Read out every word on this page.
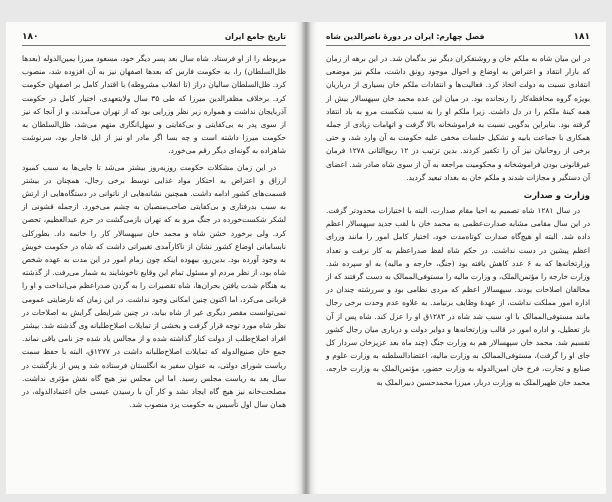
تاریخ جامع ایران
۱۸۰

مربوطه را از او فرستاد. شاه سال بعد پسر دیگر خود، مسعود میرزا یمین‌الدوله (بعدها ظل‌السلطان) را، به حکومت فارس که بعدها اصفهان نیز به آن افزوده شد، منصوب کرد. ظل‌السلطان سالیان دراز (تا انقلاب مشروطه) با اقتدار کامل بر اصفهان حکومت کرد. برخلاف مظفرالدین میرزا که طی ۳۵ سال ولایتعهدی، اختیار کامل در حکومت آذربایجان نداشت و همواره زیر نظر وزرایی بود که از تهران می‌آمدند، و از آنجا که نیز از سوی پدر به بی‌کفایتی و بی‌کفایتی و سهل‌انگاری متهم می‌شد، ظل‌السلطان به حکومت میرزا داشته است و چه بسا اگر مادر او نیز از ایل قاجار بود، سرنوشت شاهزاده به گونه‌ای دیگر رقم می‌خورد.

در این زمان مشکلات حکومت روزبه‌روز بیشتر می‌شد تا جایی‌ها به سبب کمبود ارزاق و اعتراض به احتکار مواد غذایی توسط برخی رجال، همچنان در بیشتر قسمت‌های کشور ادامه داشت. همچنین نشانه‌هایی از ناتوانی در دستگاه‌هایی از ارتش به سبب بدرفتاری و بی‌کفایتی صاحب‌منصبان به چشم می‌خورد. ازجمله قشونی از لشکر شکست‌خورده در جنگ مرو به که تهران بازمی‌گشت در حرم عبدالعظیم، تحصن کرد. ولی برخورد خشن شاه و محمد خان سپهسالار کار را خاتمه داد. بطورکلی نابسامانی اوضاع کشور نشان از ناکارآمدی تغییراتی داشت که شاه در حکومت خویش به وجود آورده بود. بدین‌رو، بیهوده اینکه چون زمام امور در این مدت به عهده شخص شاه بود، از نظر مردم او مسئول تمام این وقایع ناخوشایند به شمار می‌رفت. از گذشته به هنگام شدت یافتن بحران‌ها، شاه تقصیرات را به گردن صدراعظم می‌انداخت و او را قربانی می‌کرد، اما اکنون چنین امکانی وجود نداشت. در این زمان که نارضایتی عمومی نمی‌توانست مقصر دیگری غیر از شاه بیابد، در چنین شرایطی گرایش به اصلاحات در نظر شاه مورد توجه قرار گرفت و بخشی از تمایلات اصلاح‌طلبانه وی گذشته شد. بیشتر افراد اصلاح‌طلب از دولت کنار گذاشته شده و از مجالس یاد شده جز نامی باقی نماند. جمع خان صنیع‌الدوله که تمایلات اصلاح‌طلبانه داشت در ۱۲۷۷ق، البته با حفظ سمت ریاست شورای دولتی، به عنوان سفیر به انگلستان فرستاده شد و پس از بازگشت در سال بعد به ریاست مجلس رسید. اما این مجلس نیز هیچ گاه نقش مؤثری نداشت. مصلحت‌خانه نیز هیچ گاه ایجاد نشد و کار آن با رسیدن عیسی خان اعتمادالدوله، در همان سال اول تأسیس به حکومت یزد منصوب شد.

۱۸۱
فصل چهارم: ایران در دورهٔ ناصرالدین شاه

در این میان شاه به ملکم خان و روشنفکران دیگر نیز بدگمان شد. در این برهه از زمان که بازار انتقاد و اعتراض به اوضاع و احوال موجود رونق داشت، ملکم نیز موضعی انتقادی نسبت به دولت اتخاذ کرد. فعالیت‌ها و انتقادات ملکم خان بسیاری از درباریان بویژه گروه محافظه‌کار را رنجانده بود. در میان این عده محمد خان سپهسالار بیش از همه کینهٔ ملکم را در دل داشت. زیرا ملکم او را به سبب شکست مرو به باد انتقاد گرفته بود. بنابراین بدگویی نسبت به فراموشخانه بالا گرفت و اتهامات زیادی از جمله همکاری با جماعت بابیه و تشکیل جلسات مخفی علیه حکومت به آن وارد شد، و حتی برخی از روحانیان نیز آن را تکفیر کردند. بدین ترتیب در ۱۲ ربیع‌الثانی ۱۲۷۸ فرمان غیرقانونی بودن فراموشخانه و محکومیت مراجعه به آن از سوی شاه صادر شد. اعضای آن دستگیر و مجازات شدند و ملکم خان به بغداد تبعید گردید.

وزارت و صدارت

در سال ۱۲۸۱ شاه تصمیم به احیا مقام صدارت، البته با اختیارات محدودتر گرفت. در این سال مقامی مشابه صدارت‌عظمی به محمد خان با لقب جدید سپهسالار اعظم داده شد. البته او هیچ‌گاه صدارت کوتاه‌مدت خود، اختیار کامل امور را مانند وزرای اعظم پیشین در دست نداشت. در حکم شاه لفظ صدراعظم به کار نرفت و تعداد وزارتخانه‌ها که به ۶ عدد کاهش یافته بود (جنگ، خارجه و مالیه) به او سپرده شد. وزارت خارجه را مؤتمن‌الملک، و وزارت مالیه را مستوفی‌الممالک به دست گرفتند که از مخالفان اصلاحات بودند. سپهسالار اعظم که مردی نظامی بود و سررشته چندان در اداره امور مملکت نداشت، از عهدهٔ وظایف برنیامد. به علاوه عدم وحدت برخی رجال مانند مستوفی‌الممالک با او، سبب شد شاه در ۱۲۸۳ق او را عزل کند. شاه پس از آن باز تعطیل، و اداره امور در قالب وزارتخانه‌ها و دوایر دولت و درباری میان رجال کشور تقسیم شد. محمد خان سپهسالار هم به وزارت جنگ (چند ماه بعد عزیزخان سردار کل جای او را گرفت)، مستوفی‌الممالک به وزارت مالیه، اعتضادالسلطنه به وزارت علوم و صنایع و تجارت، فرخ خان امین‌الدوله به وزارت حضور، مؤتمن‌الملک به وزارت خارجه، محمد خان ظهیرالملک به وزارت دربار، میرزا محمدحسین دبیرالملک به
